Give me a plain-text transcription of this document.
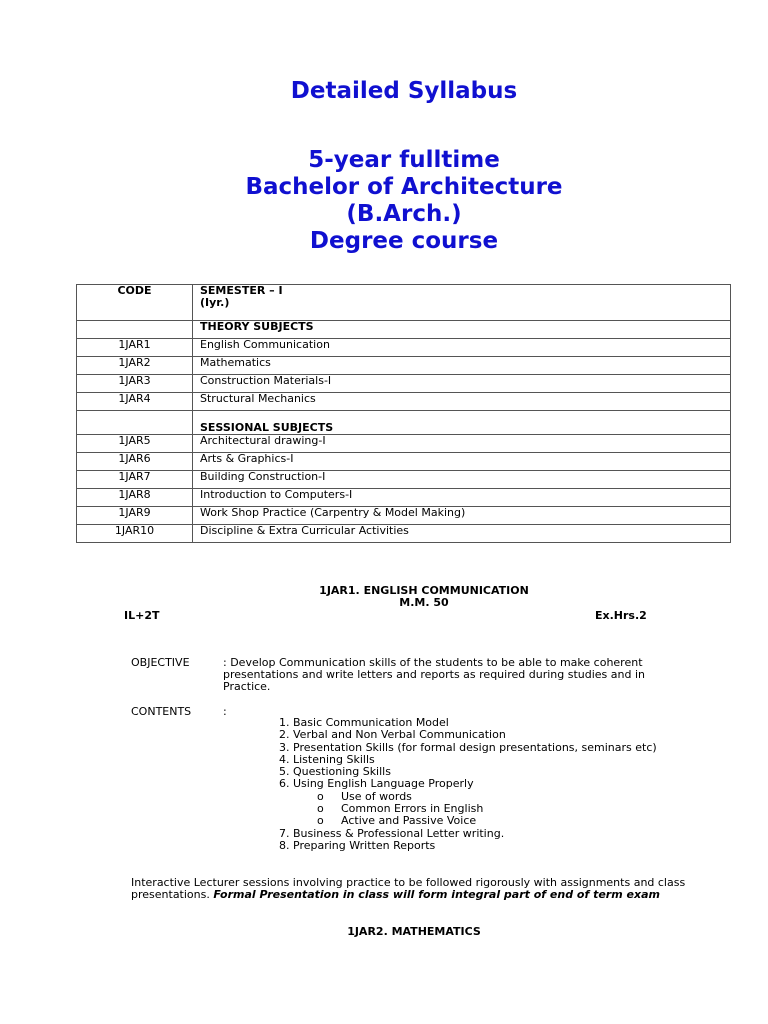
Detailed Syllabus
5-year fulltime
Bachelor of Architecture
(B.Arch.)
Degree course
CODE	SEMESTER – I
(Iyr.)

	THEORY SUBJECTS
1JAR1	English Communication
1JAR2	Mathematics
1JAR3	Construction Materials-I
1JAR4	Structural Mechanics
	SESSIONAL SUBJECTS
1JAR5	Architectural drawing-I
1JAR6	Arts & Graphics-I
1JAR7	Building Construction-I
1JAR8	Introduction to Computers-I
1JAR9	Work Shop Practice (Carpentry & Model Making)
1JAR10	Discipline & Extra Curricular Activities
1JAR1. ENGLISH COMMUNICATION
M.M. 50
IL+2T	Ex.Hrs.2
OBJECTIVE	: Develop Communication skills of the students to be able to make coherent presentations and write letters and reports as required during studies and in Practice.
CONTENTS	:
1. Basic Communication Model
2. Verbal and Non Verbal Communication
3. Presentation Skills (for formal design presentations, seminars etc)
4. Listening Skills
5. Questioning Skills
6. Using English Language Properly
o Use of words
o Common Errors in English
o Active and Passive Voice
7. Business & Professional Letter writing.
8. Preparing Written Reports
Interactive Lecturer sessions involving practice to be followed rigorously with assignments and class presentations. Formal Presentation in class will form integral part of end of term exam
1JAR2. MATHEMATICS
